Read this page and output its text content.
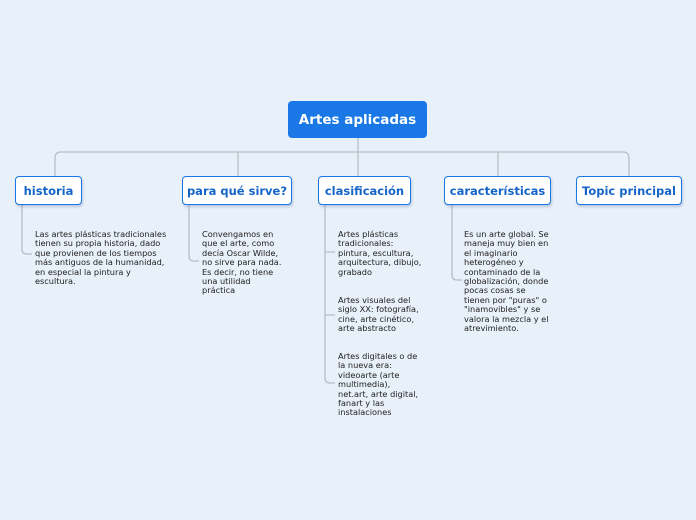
Artes aplicadas
historia	para qué sirve?	clasificación	características	Topic principal
Las artes plásticas tradicionales
tienen su propia historia, dado
que provienen de los tiempos
más antiguos de la humanidad,
en especial la pintura y
escultura.
Convengamos en
que el arte, como
decía Oscar Wilde,
no sirve para nada.
Es decir, no tiene
una utilidad
práctica
Artes plásticas
tradicionales:
pintura, escultura,
arquitectura, dibujo,
grabado
Artes visuales del
siglo XX: fotografía,
cine, arte cinético,
arte abstracto
Artes digitales o de
la nueva era:
videoarte (arte
multimedia),
net.art, arte digital,
fanart y las
instalaciones
Es un arte global. Se
maneja muy bien en
el imaginario
heterogéneo y
contaminado de la
globalización, donde
pocas cosas se
tienen por "puras" o
"inamovibles" y se
valora la mezcla y el
atrevimiento.
